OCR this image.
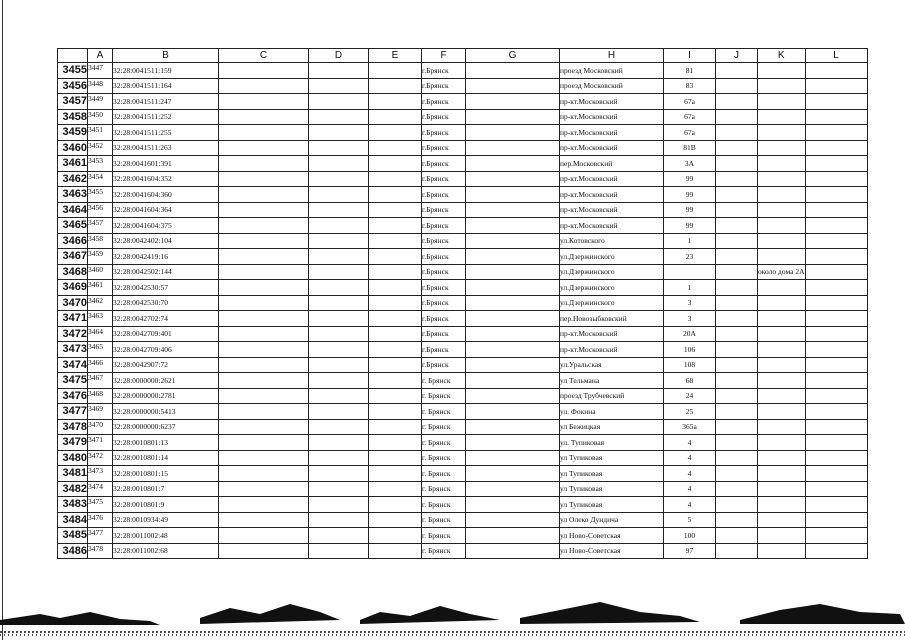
	A	B	C	D	E	F	G	H	I	J	K	L
3455	3447	32:28:0041511:159				г.Брянск		проезд Московский	81			
3456	3448	32:28:0041511:164				г.Брянск		проезд Московский	83			
3457	3449	32:28:0041511:247				г.Брянск		пр-кт.Московский	67а			
3458	3450	32:28:0041511:252				г.Брянск		пр-кт.Московский	67а			
3459	3451	32:28:0041511:255				г.Брянск		пр-кт.Московский	67а			
3460	3452	32:28:0041511:263				г.Брянск		пр-кт.Московский	81В			
3461	3453	32:28:0041601:391				г.Брянск		пер.Московский	3А			
3462	3454	32:28:0041604:352				г.Брянск		пр-кт.Московский	99			
3463	3455	32:28:0041604:360				г.Брянск		пр-кт.Московский	99			
3464	3456	32:28:0041604:364				г.Брянск		пр-кт.Московский	99			
3465	3457	32:28:0041604:375				г.Брянск		пр-кт.Московский	99			
3466	3458	32:28:0042402:104				г.Брянск		ул.Котовского	1			
3467	3459	32:28:0042419:16				г.Брянск		ул.Дзержинского	23			
3468	3460	32:28:0042502:144				г.Брянск		ул.Дзержинского			около дома 2А	
3469	3461	32:28:0042530:57				г.Брянск		ул.Дзержинского	1			
3470	3462	32:28:0042530:70				г.Брянск		ул.Дзержинского	3			
3471	3463	32:28:0042702:74				г.Брянск		пер.Новозыбковский	3			
3472	3464	32:28:0042709:401				г.Брянск		пр-кт.Московский	20А			
3473	3465	32:28:0042709:406				г.Брянск		пр-кт.Московский	106			
3474	3466	32:28:0042907:72				г.Брянск		ул.Уральская	108			
3475	3467	32:28:0000000:2621				г. Брянск		ул Тельмана	68			
3476	3468	32:28:0000000:2781				г. Брянск		проезд Трубчевский	24			
3477	3469	32:28:0000000:5413				г. Брянск		ул. Фокина	25			
3478	3470	32:28:0000000:6237				г. Брянск		ул Бежицкая	365а			
3479	3471	32:28:0010801:13				г. Брянск		ул. Тупиковая	4			
3480	3472	32:28:0010801:14				г. Брянск		ул Тупиковая	4			
3481	3473	32:28:0010801:15				г. Брянск		ул Тупиковая	4			
3482	3474	32:28:0010801:7				г. Брянск		ул Тупиковая	4			
3483	3475	32:28:0010801:9				г. Брянск		ул Тупиковая	4			
3484	3476	32:28:0010934:49				г. Брянск		ул Олеко Дундича	5			
3485	3477	32:28:0011002:48				г. Брянск		ул Ново-Советская	100			
3486	3478	32:28:0011002:68				г. Брянск		ул Ново-Советская	97			
